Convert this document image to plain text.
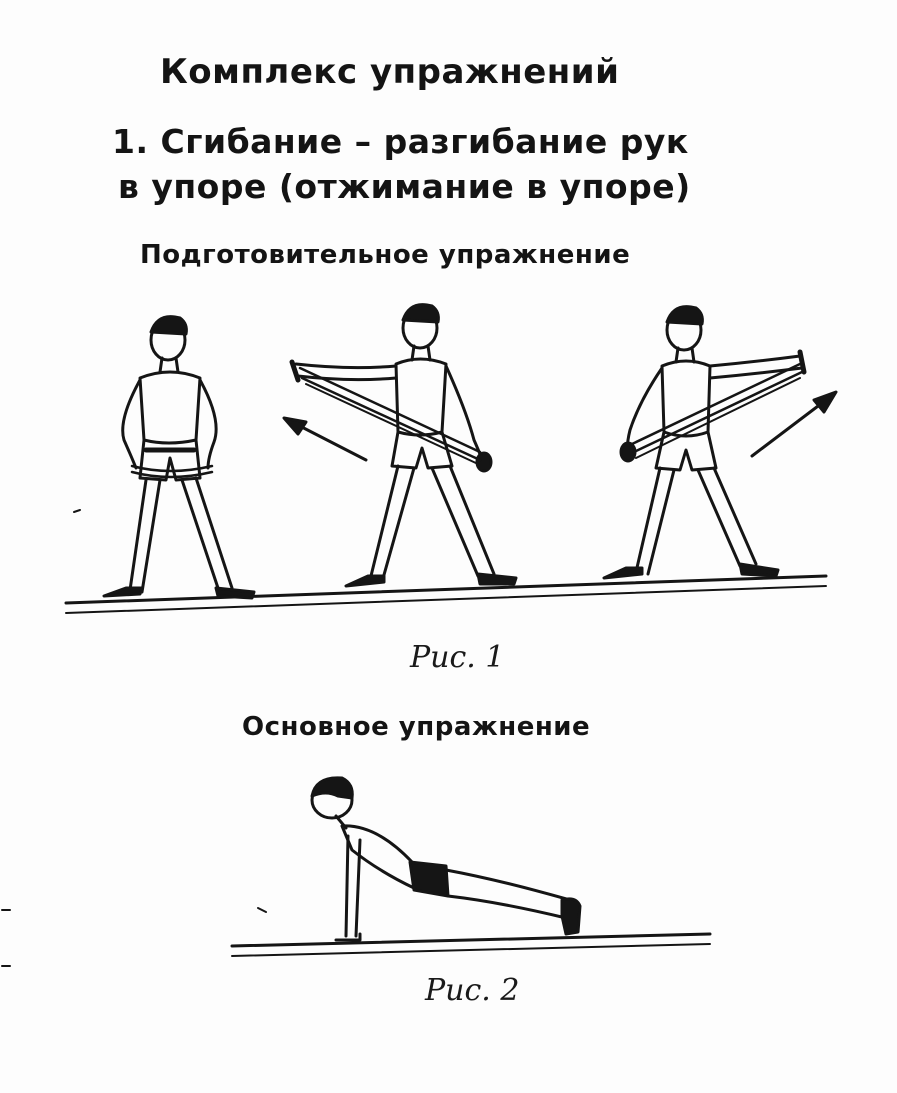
Комплекс упражнений
1. Сгибание – разгибание рук
в упоре (отжимание в упоре)
Подготовительное упражнение
Рис. 1
Основное упражнение
Рис. 2
